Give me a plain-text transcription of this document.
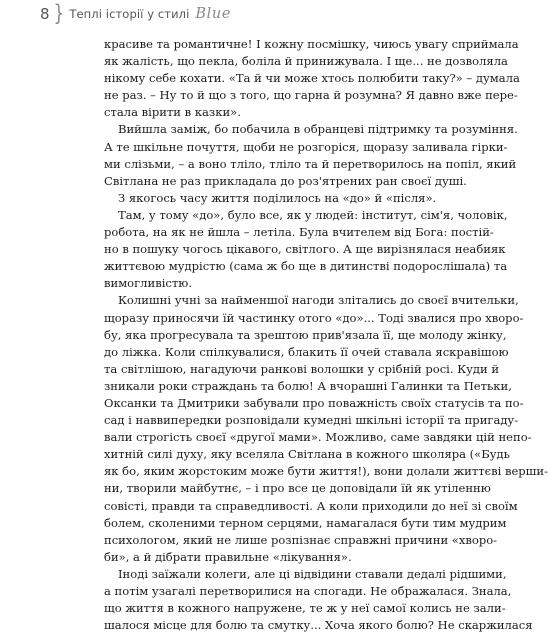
8 } Теплі історії у стилі Blue
красиве та романтичне! І кожну посмішку, чиюсь увагу сприймала
як жалість, що пекла, боліла й принижувала. І ще... не дозволяла
нікому себе кохати. «Та й чи може хтось полюбити таку?» – думала
не раз. – Ну то й що з того, що гарна й розумна? Я давно вже пере-
стала вірити в казки».
Вийшла заміж, бо побачила в обранцеві підтримку та розуміння.
А те шкільне почуття, щоби не розгоріся, щоразу заливала гірки-
ми слізьми, – а воно тліло, тліло та й перетворилось на попіл, який
Світлана не раз прикладала до роз'ятрених ран своєї душі.
З якогось часу життя поділилось на «до» й «після».
Там, у тому «до», було все, як у людей: інститут, сім'я, чоловік,
робота, на як не йшла – летіла. Була вчителем від Бога: постій-
но в пошуку чогось цікавого, світлого. А ще вирізнялася неабияк
життєвою мудрістю (сама ж бо ще в дитинстві подорослішала) та
вимогливістю.
Колишні учні за найменшої нагоди злітались до своєї вчительки,
щоразу приносячи їй частинку отого «до»... Тоді звалися про хворо-
бу, яка прогресувала та зрештою прив'язала її, ще молоду жінку,
до ліжка. Коли спілкувалися, блакить її очей ставала яскравішою
та світлішою, нагадуючи ранкові волошки у срібній росі. Куди й
зникали роки страждань та болю! А вчорашні Галинки та Петьки,
Оксанки та Дмитрики забували про поважність своїх статусів та по-
сад і наввипередки розповідали кумедні шкільні історії та пригаду-
вали строгість своєї «другої мами». Можливо, саме завдяки цій непо-
хитній силі духу, яку вселяла Світлана в кожного школяра («Будь
як бо, яким жорстоким може бути життя!), вони долали життєві верши-
ни, творили майбутнє, – і про все це доповідали їй як утіленню
совісті, правди та справедливості. А коли приходили до неї зі своїм
болем, сколеними терном серцями, намагалася бути тим мудрим
психологом, який не лише розпізнає справжні причини «хворо-
би», а й дібрати правильне «лікування».
Іноді заїжали колеги, але ці відвідини ставали дедалі рідшими,
а потім узагалі перетворилися на спогади. Не ображалася. Знала,
що життя в кожного напружене, те ж у неї самої колись не зали-
шалося місце для болю та смутку... Хоча якого болю? Не скаржилася
